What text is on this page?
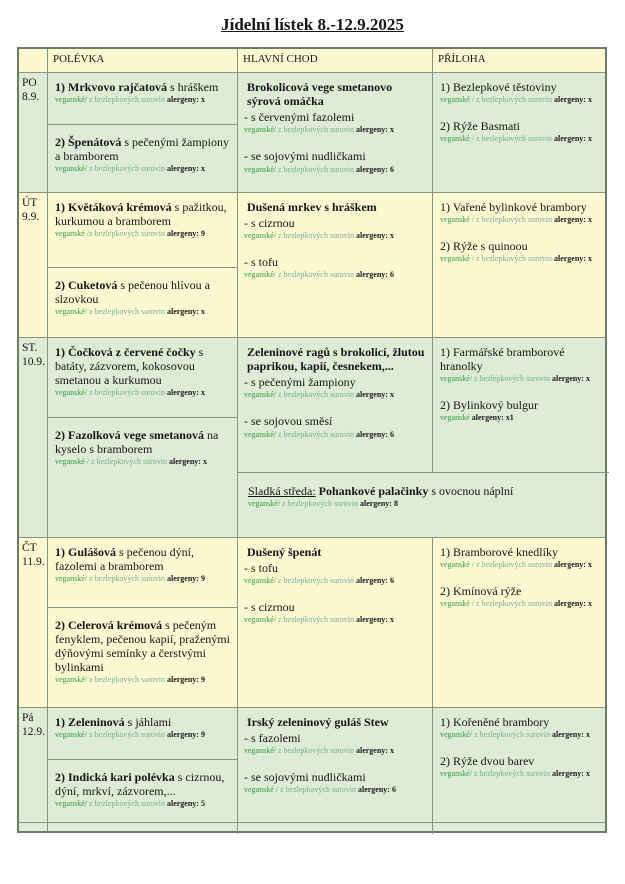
Jídelní lístek 8.-12.9.2025
POLÉVKA	HLAVNÍ CHOD	PŘÍLOHA
PO
8.9.
1) Mrkvovo rajčatová s hráškem
veganské/ z bezlepkových surovin alergeny: x
2) Špenátová s pečenými žampiony a bramborem
veganské/ z bezlepkových surovin alergeny: x
Brokolicová vege smetanovo sýrová omáčka
- s červenými fazolemi
veganské/ z bezlepkových surovin alergeny: x
- se sojovými nudličkami
veganské/ z bezlepkových surovin alergeny: 6
1) Bezlepkové těstoviny
veganské / z bezlepkových surovin alergeny: x
2) Rýže Basmati
veganské / z bezlepkových surovin alergeny: x
ÚT
9.9.
1) Květáková krémová s pažitkou, kurkumou a bramborem
veganské /z bezlepkových surovin alergeny: 9
2) Cuketová s pečenou hlívou a slzovkou
veganské/ z bezlepkových surovin alergeny: x
Dušená mrkev s hráškem
- s cizrnou
veganské/ z bezlepkových surovin alergeny: x
- s tofu
veganské/ z bezlepkových surovin alergeny: 6
1) Vařené bylinkové brambory
veganské / z bezlepkových surovin alergeny: x
2) Rýže s quinoou
veganské / z bezlepkových surovin alergeny: x
ST.
10.9.
1) Čočková z červené čočky s batáty, zázvorem, kokosovou smetanou a kurkumou
veganské/ z bezlepkových surovin alergeny: x
2) Fazolková vege smetanová na kyselo s bramborem
veganské / z bezlepkových surovin alergeny: x
Zeleninové ragů s brokolicí, žlutou paprikou, kapií, česnekem,...
- s pečenými žampiony
veganské/ z bezlepkových surovin alergeny: x
- se sojovou směsí
veganské/ z bezlepkových surovin alergeny: 6
1) Farmářské bramborové hranolky
veganské/ z bezlepkových surovin alergeny: x
2) Bylinkový bulgur
veganské alergeny: x1
Sladká středa: Pohankové palačinky s ovocnou náplní
veganské/ z bezlepkových surovin alergeny: 8
ČT
11.9.
1) Gulášová s pečenou dýní, fazolemi a bramborem
veganské/ z bezlepkových surovin alergeny: 9
2) Celerová krémová s pečeným fenyklem, pečenou kapií, praženými dýňovými semínky a čerstvými bylinkami
veganské/ z bezlepkových surovin alergeny: 9
Dušený špenát
- s tofu
veganské/ z bezlepkových surovin alergeny: 6
- s cizrnou
veganské/ z bezlepkových surovin alergeny: x
1) Bramborové knedlíky
veganské / z bezlepkových surovin alergeny: x
2) Kmínová rýže
veganské / z bezlepkových surovin alergeny: x
Pá
12.9.
1) Zeleninová s jáhlami
veganské/ z bezlepkových surovin alergeny: 9
2) Indická kari polévka s cizrnou, dýní, mrkví, zázvorem,...
veganské/ z bezlepkových surovin alergeny: 5
Irský zeleninový guláš Stew
- s fazolemi
veganské/ z bezlepkových surovin alergeny: x
- se sojovými nudličkami
veganské / z bezlepkových surovin alergeny: 6
1) Kořeněné brambory
veganské/ z bezlepkových surovin alergeny: x
2) Rýže dvou barev
veganské/ z bezlepkových surovin alergeny: x
